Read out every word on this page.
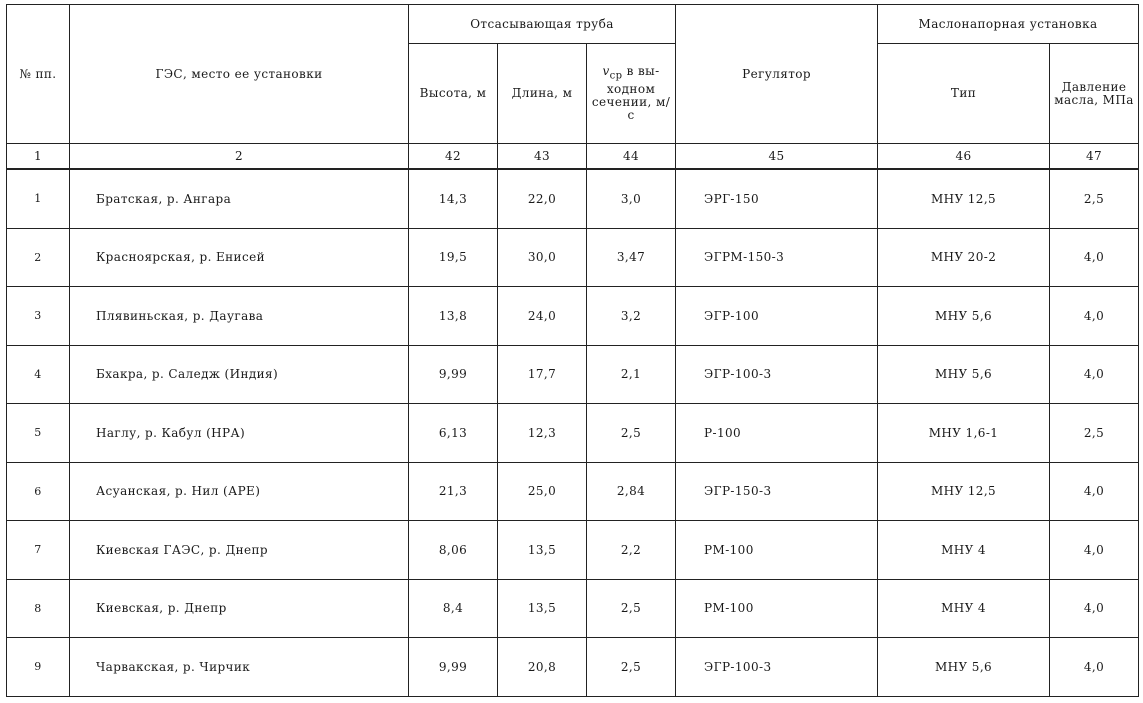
№ пп.	ГЭС, место ее установки	Отсасывающая труба			Регулятор	Маслонапорная установка	
		Высота, м	Длина, м	$v_{ср}$ в вы-ходном сечении, м/с		Тип	Давление масла, МПа
1	2	42	43	44	45	46	47
1	Братская, р. Ангара	14,3	22,0	3,0	ЭРГ-150	МНУ 12,5	2,5
2	Красноярская, р. Енисей	19,5	30,0	3,47	ЭГРМ-150-3	МНУ 20-2	4,0
3	Плявиньская, р. Даугава	13,8	24,0	3,2	ЭГР-100	МНУ 5,6	4,0
4	Бхакра, р. Саледж (Индия)	9,99	17,7	2,1	ЭГР-100-3	МНУ 5,6	4,0
5	Наглу, р. Кабул (НРА)	6,13	12,3	2,5	Р-100	МНУ 1,6-1	2,5
6	Асуанская, р. Нил (АРЕ)	21,3	25,0	2,84	ЭГР-150-3	МНУ 12,5	4,0
7	Киевская ГАЭС, р. Днепр	8,06	13,5	2,2	РМ-100	МНУ 4	4,0
8	Киевская, р. Днепр	8,4	13,5	2,5	РМ-100	МНУ 4	4,0
9	Чарвакская, р. Чирчик	9,99	20,8	2,5	ЭГР-100-3	МНУ 5,6	4,0
